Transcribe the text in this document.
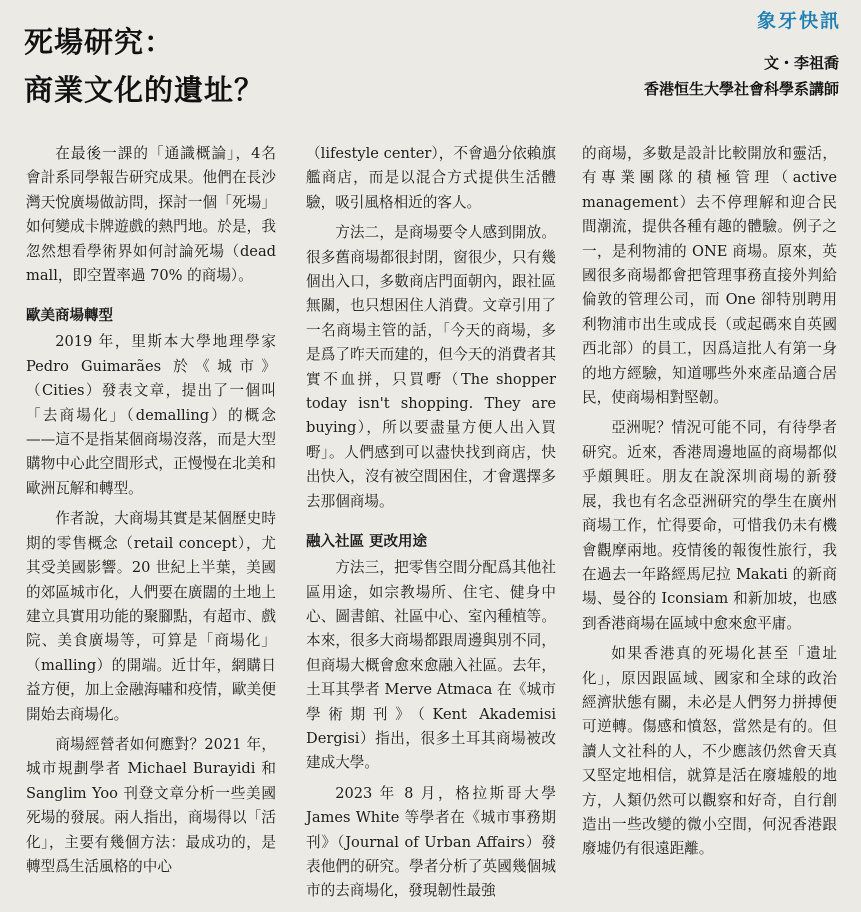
象牙快訊
死場研究：
商業文化的遺址？
文・李祖喬
香港恒生大學社會科學系講師

在最後一課的「通識概論」，4名會計系同學報告研究成果。他們在長沙灣天悅廣場做訪問，探討一個「死場」如何變成卡牌遊戲的熱門地。於是，我忽然想看學術界如何討論死場（dead mall，即空置率過 70% 的商場）。

歐美商場轉型

2019 年，里斯本大學地理學家 Pedro Guimarães 於《城市》（Cities）發表文章，提出了一個叫「去商場化」（demalling）的概念——這不是指某個商場沒落，而是大型購物中心此空間形式，正慢慢在北美和歐洲瓦解和轉型。

作者說，大商場其實是某個歷史時期的零售概念（retail concept），尤其受美國影響。20 世紀上半葉，美國的郊區城市化，人們要在廣闊的土地上建立具實用功能的聚腳點，有超市、戲院、美食廣場等，可算是「商場化」（malling）的開端。近廿年，網購日益方便，加上金融海嘯和疫情，歐美便開始去商場化。

商場經營者如何應對？2021 年，城市規劃學者 Michael Burayidi 和 Sanglim Yoo 刊登文章分析一些美國死場的發展。兩人指出，商場得以「活化」，主要有幾個方法：最成功的，是轉型爲生活風格的中心

（lifestyle center），不會過分依賴旗艦商店，而是以混合方式提供生活體驗，吸引風格相近的客人。

方法二，是商場要令人感到開放。很多舊商場都很封閉，窗很少，只有幾個出入口，多數商店門面朝內，跟社區無關，也只想困住人消費。文章引用了一名商場主管的話，「今天的商場，多是爲了昨天而建的，但今天的消費者其實不血拼，只買嘢（The shopper today isn't shopping. They are buying），所以要盡量方便人出入買嘢」。人們感到可以盡快找到商店，快出快入，沒有被空間困住，才會選擇多去那個商場。

融入社區 更改用途

方法三，把零售空間分配爲其他社區用途，如宗教場所、住宅、健身中心、圖書館、社區中心、室內種植等。本來，很多大商場都跟周邊與別不同，但商場大概會愈來愈融入社區。去年，土耳其學者 Merve Atmaca 在《城市學術期刊》（Kent Akademisi Dergisi）指出，很多土耳其商場被改建成大學。

2023 年 8 月，格拉斯哥大學 James White 等學者在《城市事務期刊》（Journal of Urban Affairs）發表他們的研究。學者分析了英國幾個城市的去商場化，發現韌性最強

的商場，多數是設計比較開放和靈活，有專業團隊的積極管理（active management）去不停理解和迎合民間潮流，提供各種有趣的體驗。例子之一，是利物浦的 ONE 商場。原來，英國很多商場都會把管理事務直接外判給倫敦的管理公司，而 One 卻特別聘用利物浦市出生或成長（或起碼來自英國西北部）的員工，因爲這批人有第一身的地方經驗，知道哪些外來產品適合居民，使商場相對堅韌。

亞洲呢？情況可能不同，有待學者研究。近來，香港周邊地區的商場都似乎頗興旺。朋友在說深圳商場的新發展，我也有名念亞洲研究的學生在廣州商場工作，忙得要命，可惜我仍未有機會觀摩兩地。疫情後的報復性旅行，我在過去一年路經馬尼拉 Makati 的新商場、曼谷的 Iconsiam 和新加坡，也感到香港商場在區域中愈來愈平庸。

如果香港真的死場化甚至「遺址化」，原因跟區域、國家和全球的政治經濟狀態有關，未必是人們努力拼搏便可逆轉。傷感和憤怒，當然是有的。但讀人文社科的人，不少應該仍然會天真又堅定地相信，就算是活在廢墟般的地方，人類仍然可以觀察和好奇，自行創造出一些改變的微小空間，何況香港跟廢墟仍有很遠距離。
